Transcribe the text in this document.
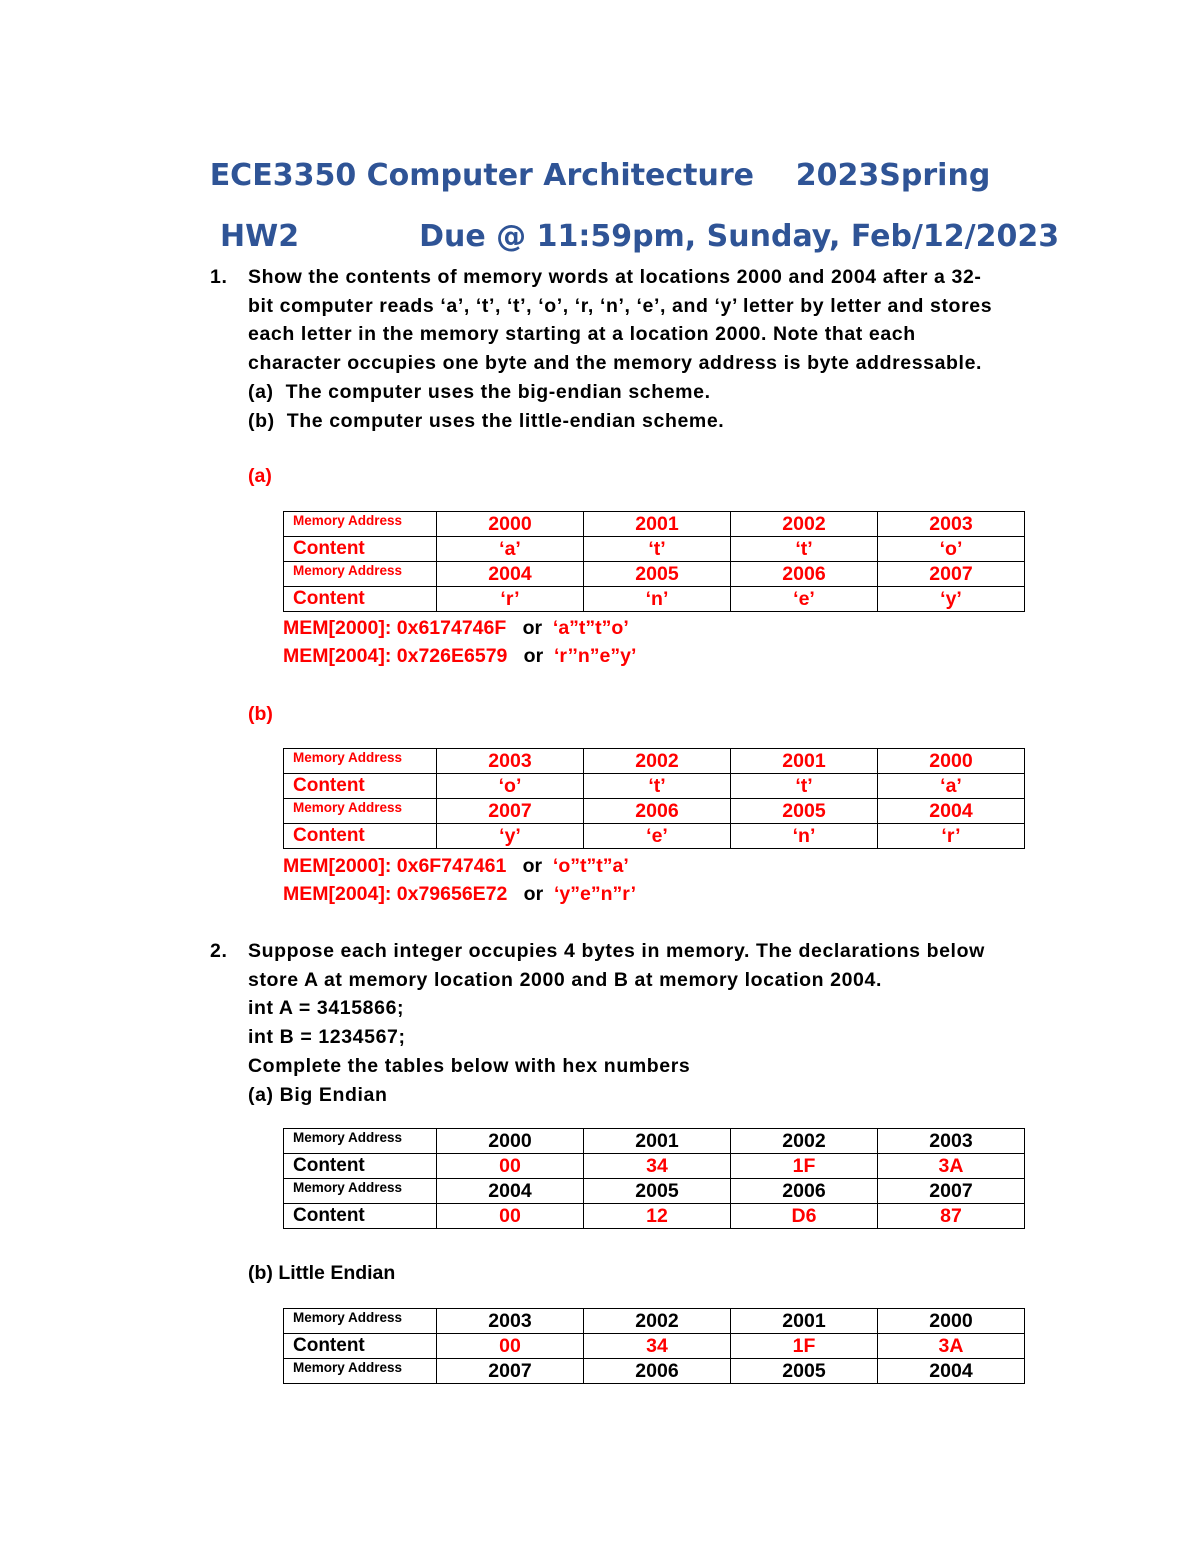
ECE3350 Computer Architecture    2023Spring
HW2	Due @ 11:59pm, Sunday, Feb/12/2023
1.	Show the contents of memory words at locations 2000 and 2004 after a 32-
bit computer reads ‘a’, ‘t’, ‘t’, ‘o’, ‘r, ‘n’, ‘e’, and ‘y’ letter by letter and stores
each letter in the memory starting at a location 2000. Note that each
character occupies one byte and the memory address is byte addressable.
(a)  The computer uses the big-endian scheme.
(b)  The computer uses the little-endian scheme.
(a)
Memory Address	2000	2001	2002	2003
Content	‘a’	‘t’	‘t’	‘o’
Memory Address	2004	2005	2006	2007
Content	‘r’	‘n’	‘e’	‘y’
MEM[2000]: 0x6174746F or ‘a”t”t”o’
MEM[2004]: 0x726E6579 or ‘r’’n”e”y’
(b)
Memory Address	2003	2002	2001	2000
Content	‘o’	‘t’	‘t’	‘a’
Memory Address	2007	2006	2005	2004
Content	‘y’	‘e’	‘n’	‘r’
MEM[2000]: 0x6F747461 or ‘o”t”t”a’
MEM[2004]: 0x79656E72 or ‘y”e”n”r’
2.	Suppose each integer occupies 4 bytes in memory. The declarations below
store A at memory location 2000 and B at memory location 2004.
int A = 3415866;
int B = 1234567;
Complete the tables below with hex numbers
(a) Big Endian
Memory Address	2000	2001	2002	2003
Content	00	34	1F	3A
Memory Address	2004	2005	2006	2007
Content	00	12	D6	87
(b) Little Endian
Memory Address	2003	2002	2001	2000
Content	00	34	1F	3A
Memory Address	2007	2006	2005	2004
